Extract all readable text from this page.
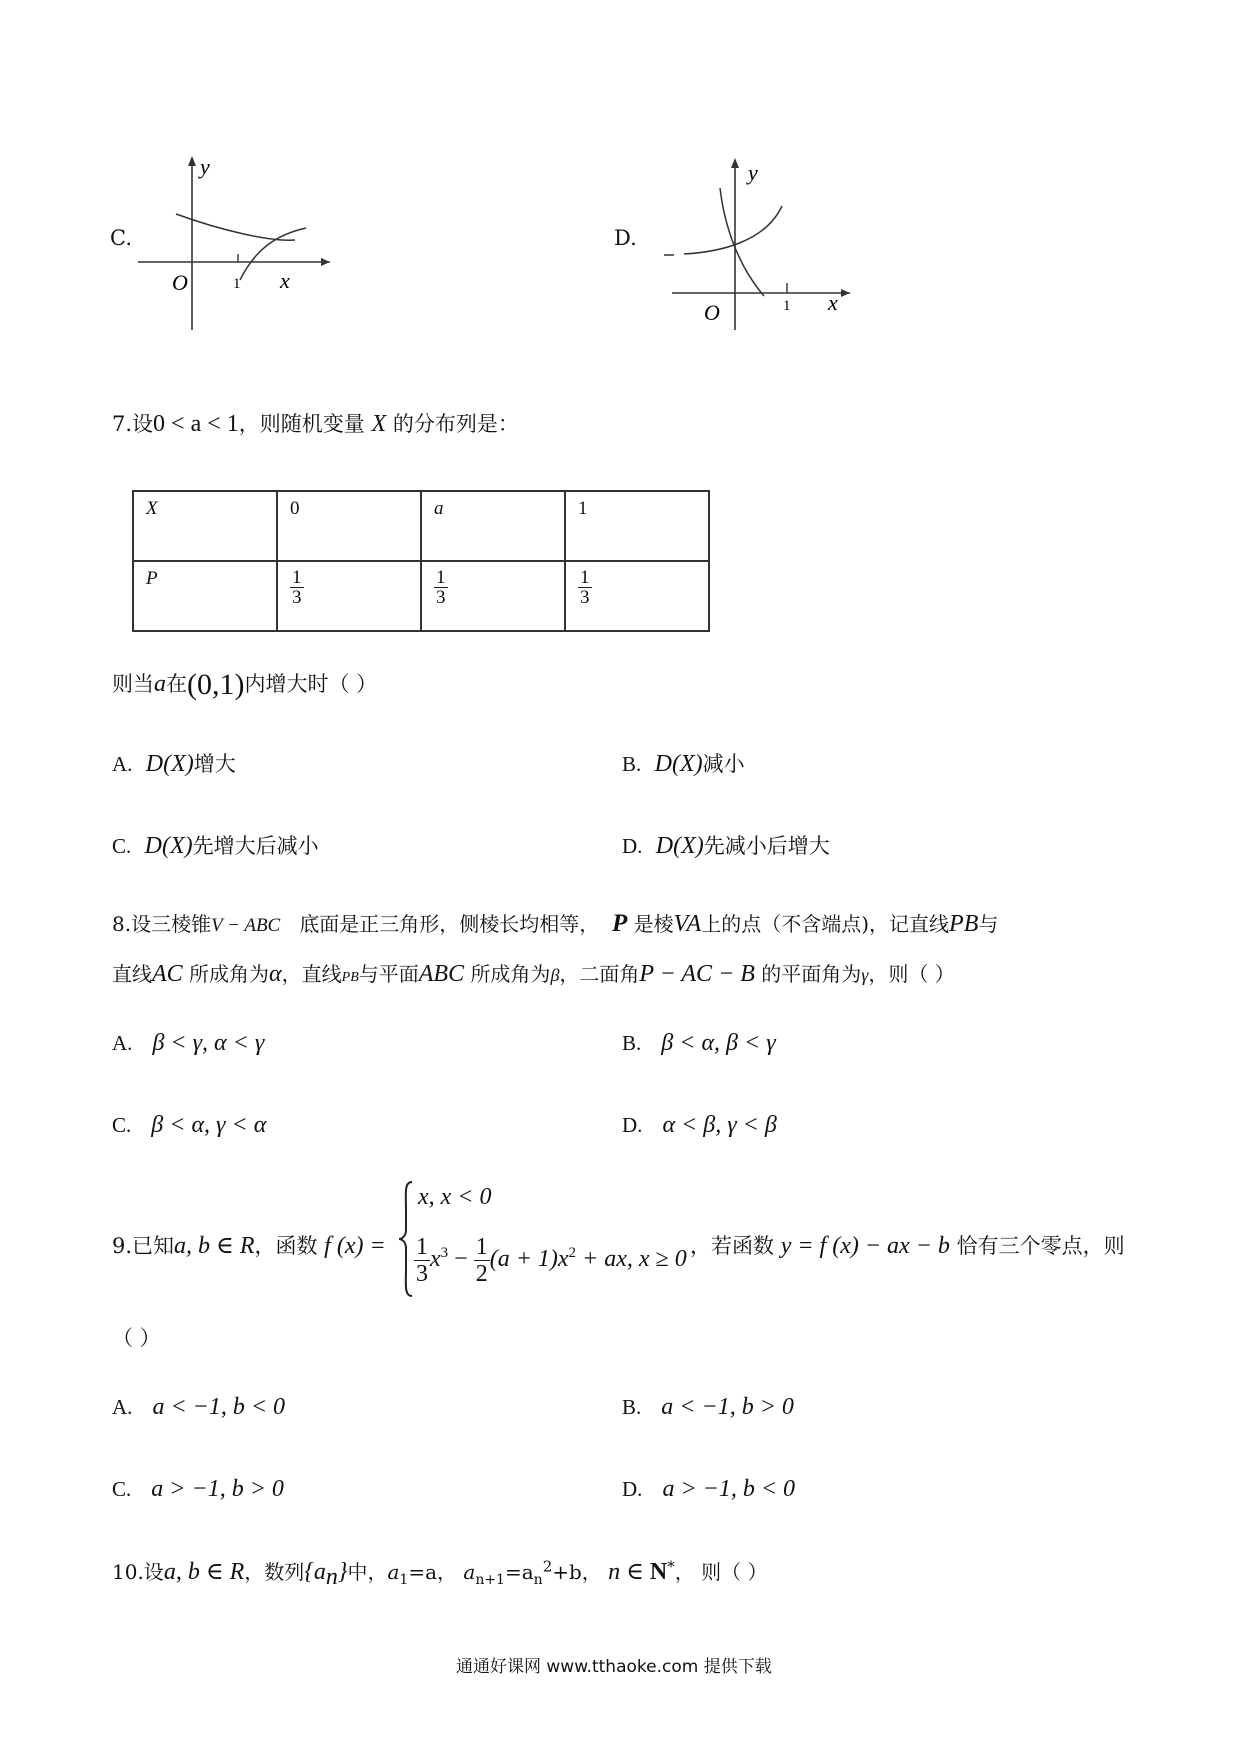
C.
y
x
O	1
D.
y
x
O	1
7.设0 < a < 1，则随机变量 X 的分布列是：
X	0	a	1
P	$\frac{1}{3}$	$\frac{1}{3}$	$\frac{1}{3}$
则当a在(0,1)内增大时（ ）
A. D(X)增大	B. D(X)减小
C. D(X)先增大后减小	D. D(X)先减小后增大
8.设三棱锥V − ABC 底面是正三角形，侧棱长均相等， P 是棱VA上的点（不含端点)，记直线PB与
直线AC 所成角为α，直线PB与平面ABC 所成角为β，二面角P − AC − B 的平面角为γ，则（ ）
A. β < γ, α < γ	B. β < α, β < γ
C. β < α, γ < α	D. α < β, γ < β
9.已知a, b ∈ R，函数 f (x) =
x, x < 0
$\frac{1}{3} x^3 - \frac{1}{2} (a + 1)x^2$ + ax, x ≥ 0
，若函数 y = f (x) − ax − b 恰有三个零点，则
（ ）
A. a < −1, b < 0	B. a < −1, b > 0
C. a > −1, b > 0	D. a > −1, b < 0
10.设a, b ∈ R，数列$\{a_n\}$中，$a_1=a$， $a_{n+1}=a_n^2+b$， n ∈ N*， 则（ ）
通通好课网 www.tthaoke.com 提供下载
